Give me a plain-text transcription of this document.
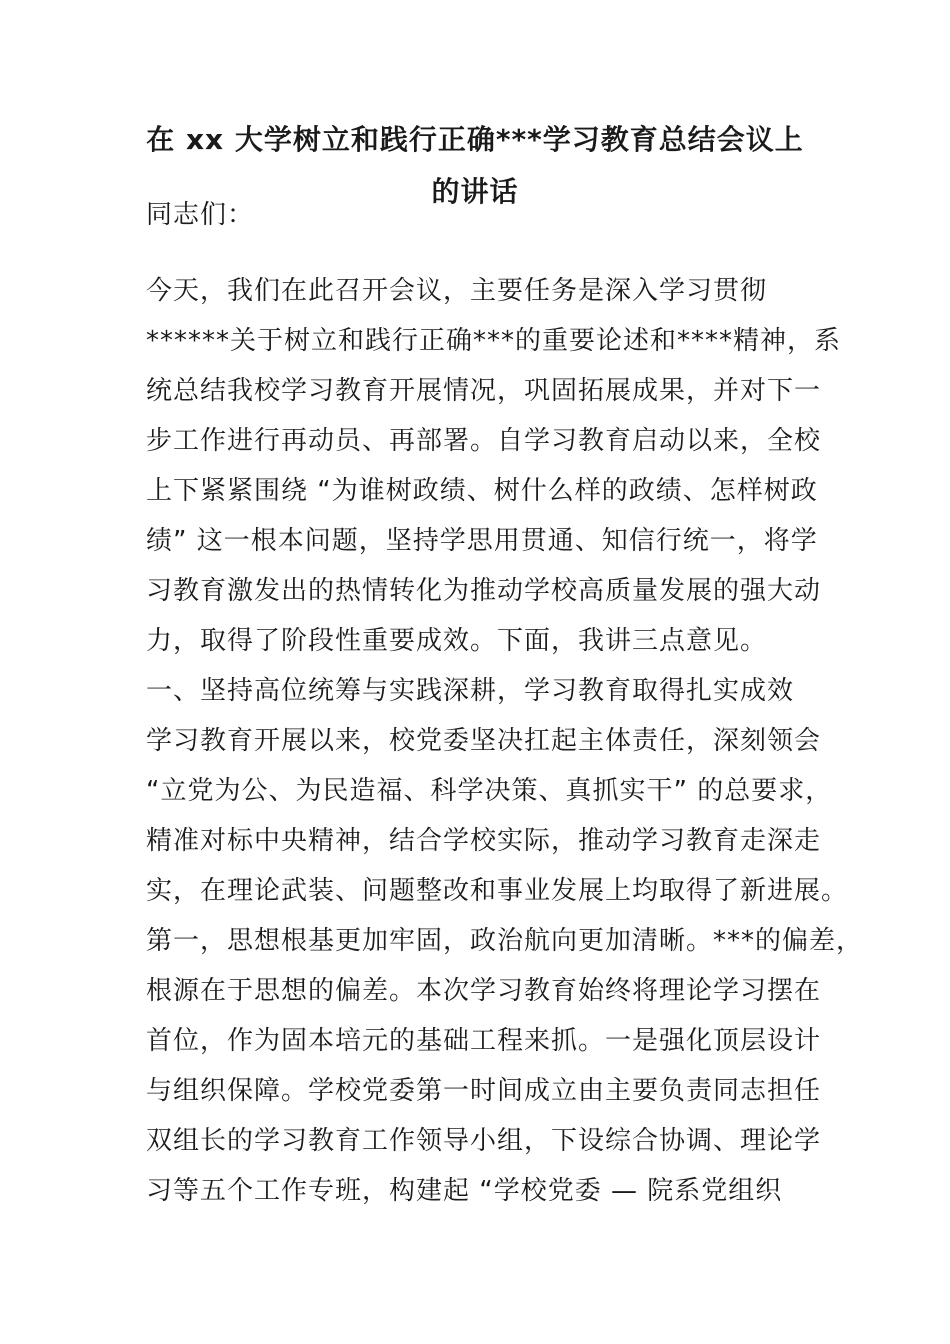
在 xx 大学树立和践行正确***学习教育总结会议上
的讲话
同志们：
今天，我们在此召开会议，主要任务是深入学习贯彻
******关于树立和践行正确***的重要论述和****精神，系
统总结我校学习教育开展情况，巩固拓展成果，并对下一
步工作进行再动员、再部署。自学习教育启动以来，全校
上下紧紧围绕 “为谁树政绩、树什么样的政绩、怎样树政
绩” 这一根本问题，坚持学思用贯通、知信行统一，将学
习教育激发出的热情转化为推动学校高质量发展的强大动
力，取得了阶段性重要成效。下面，我讲三点意见。
一、坚持高位统筹与实践深耕，学习教育取得扎实成效
学习教育开展以来，校党委坚决扛起主体责任，深刻领会
“立党为公、为民造福、科学决策、真抓实干” 的总要求，
精准对标中央精神，结合学校实际，推动学习教育走深走
实，在理论武装、问题整改和事业发展上均取得了新进展。
第一，思想根基更加牢固，政治航向更加清晰。***的偏差，
根源在于思想的偏差。本次学习教育始终将理论学习摆在
首位，作为固本培元的基础工程来抓。一是强化顶层设计
与组织保障。学校党委第一时间成立由主要负责同志担任
双组长的学习教育工作领导小组，下设综合协调、理论学
习等五个工作专班，构建起 “学校党委 — 院系党组织
